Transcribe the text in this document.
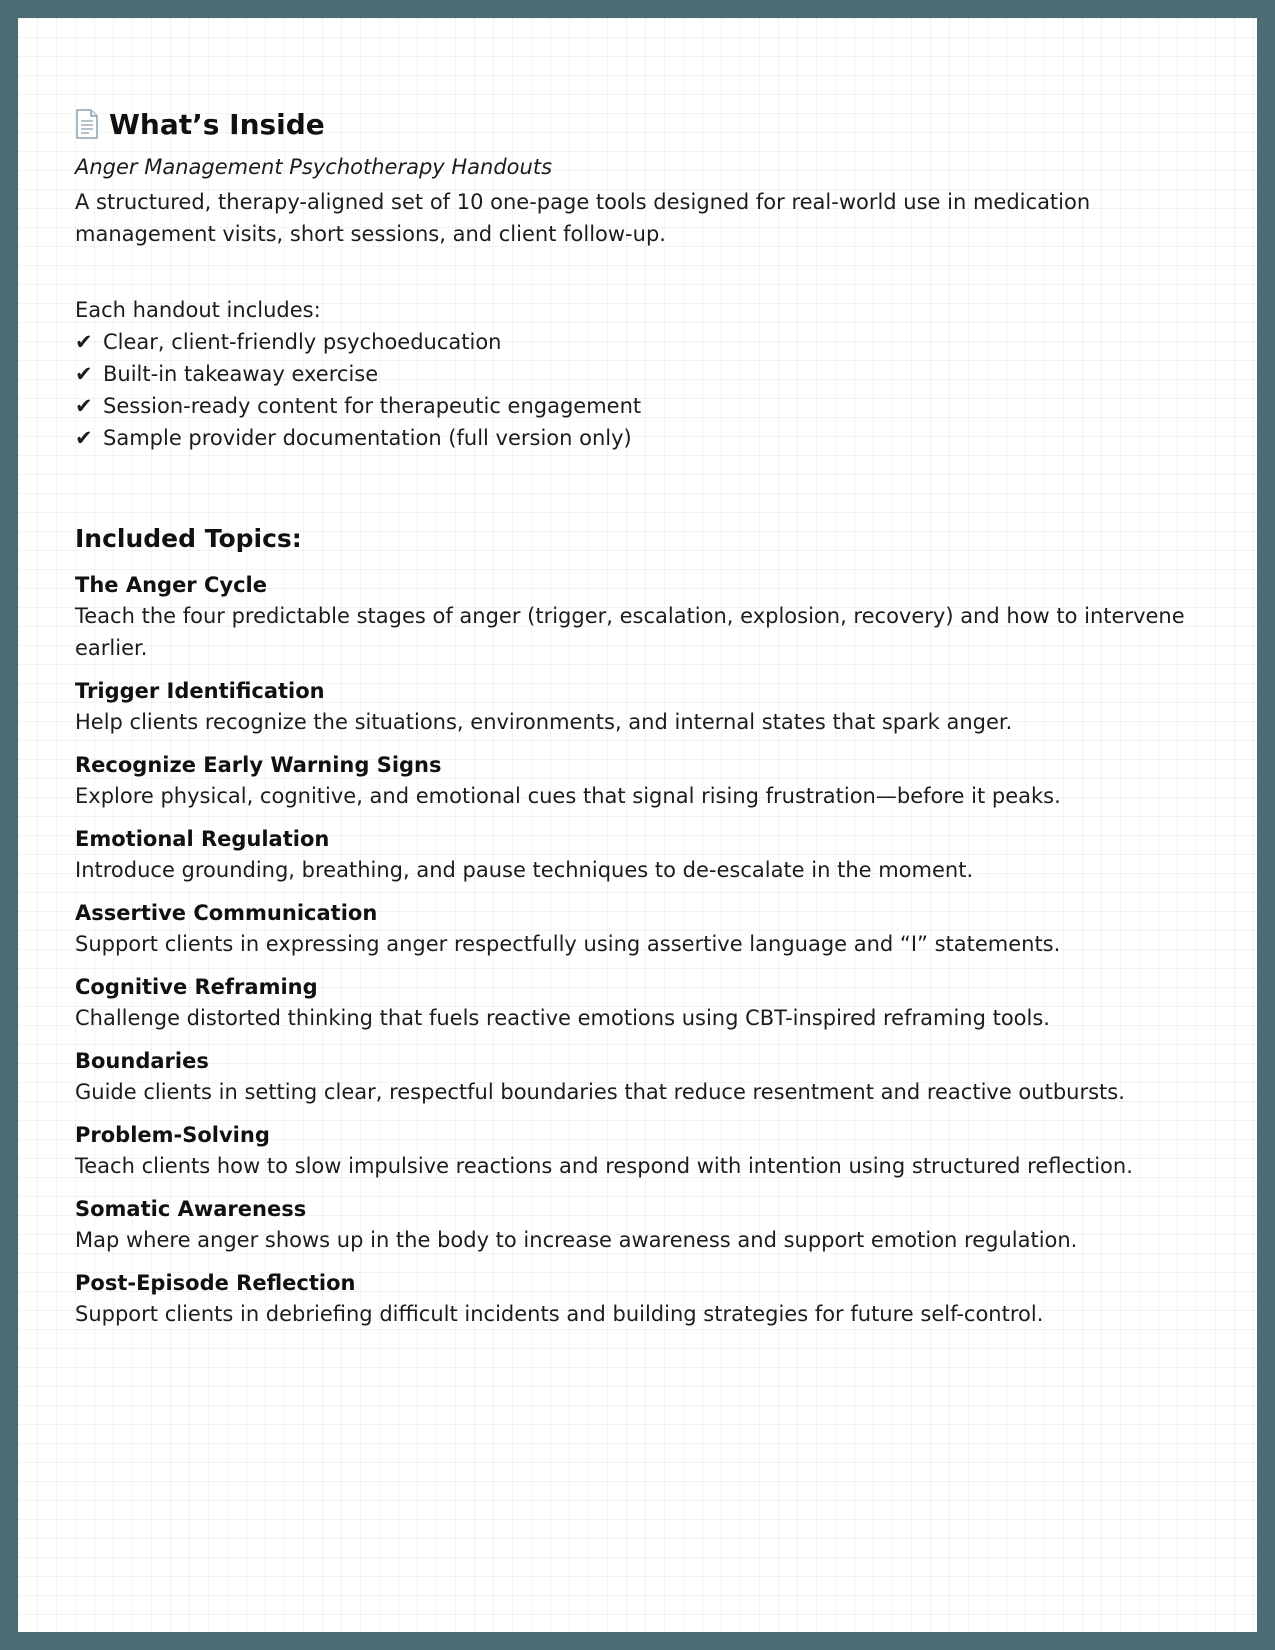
What’s Inside

Anger Management Psychotherapy Handouts

A structured, therapy-aligned set of 10 one-page tools designed for real-world use in medication management visits, short sessions, and client follow-up.

Each handout includes:

✔ Clear, client-friendly psychoeducation
✔ Built-in takeaway exercise
✔ Session-ready content for therapeutic engagement
✔ Sample provider documentation (full version only)
Included Topics:
The Anger Cycle
Teach the four predictable stages of anger (trigger, escalation, explosion, recovery) and how to intervene earlier.
Trigger Identification
Help clients recognize the situations, environments, and internal states that spark anger.
Recognize Early Warning Signs
Explore physical, cognitive, and emotional cues that signal rising frustration—before it peaks.
Emotional Regulation
Introduce grounding, breathing, and pause techniques to de-escalate in the moment.
Assertive Communication
Support clients in expressing anger respectfully using assertive language and “I” statements.
Cognitive Reframing
Challenge distorted thinking that fuels reactive emotions using CBT-inspired reframing tools.
Boundaries
Guide clients in setting clear, respectful boundaries that reduce resentment and reactive outbursts.
Problem-Solving
Teach clients how to slow impulsive reactions and respond with intention using structured reflection.
Somatic Awareness
Map where anger shows up in the body to increase awareness and support emotion regulation.
Post-Episode Reflection
Support clients in debriefing difficult incidents and building strategies for future self-control.
